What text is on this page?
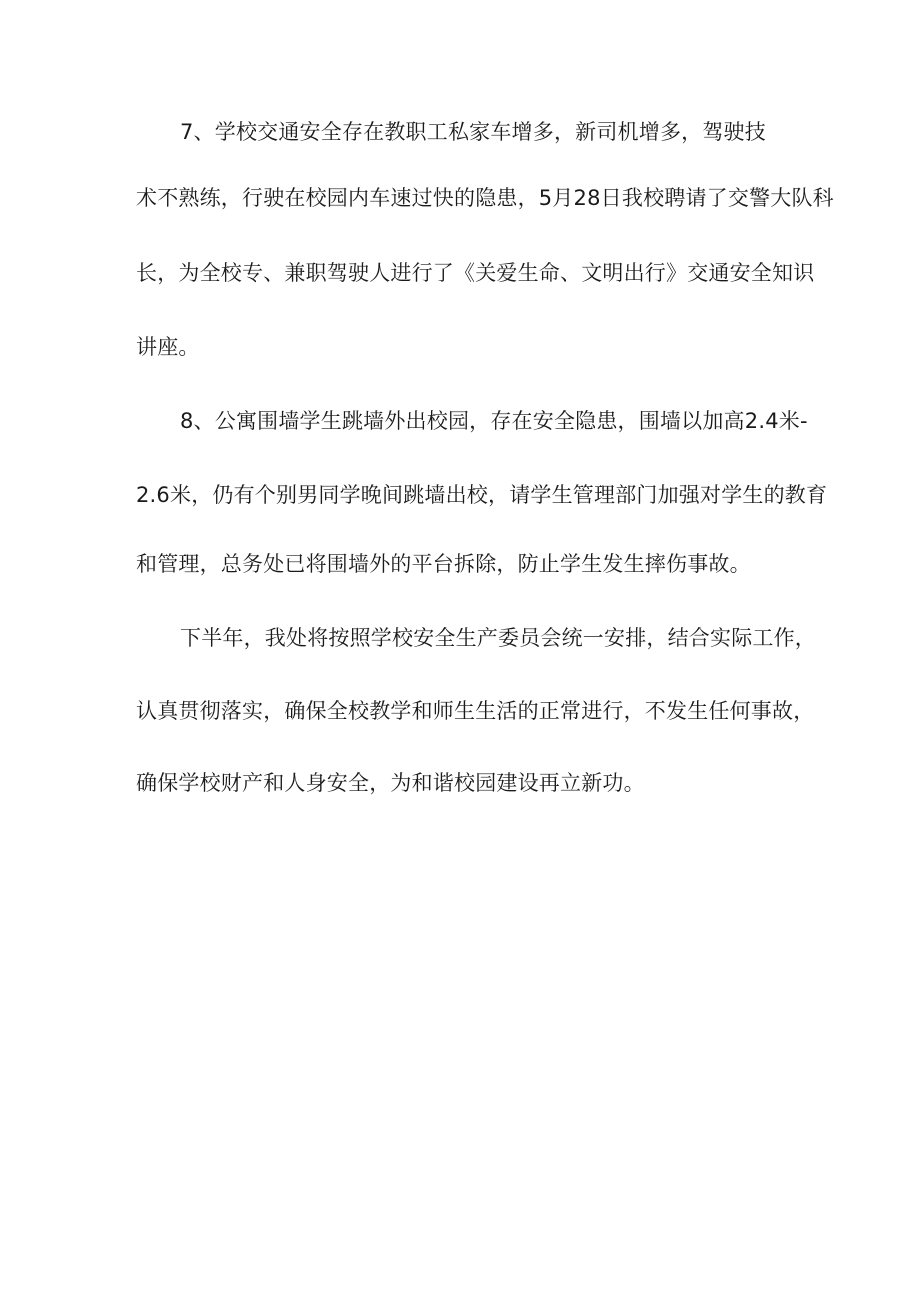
7、学校交通安全存在教职工私家车增多，新司机增多，驾驶技
术不熟练，行驶在校园内车速过快的隐患，5月28日我校聘请了交警大队科
长，为全校专、兼职驾驶人进行了《关爱生命、文明出行》交通安全知识
讲座。
8、公寓围墙学生跳墙外出校园，存在安全隐患，围墙以加高2.4米-
2.6米，仍有个别男同学晚间跳墙出校，请学生管理部门加强对学生的教育
和管理，总务处已将围墙外的平台拆除，防止学生发生摔伤事故。
下半年，我处将按照学校安全生产委员会统一安排，结合实际工作，
认真贯彻落实，确保全校教学和师生生活的正常进行，不发生任何事故，
确保学校财产和人身安全，为和谐校园建设再立新功。
